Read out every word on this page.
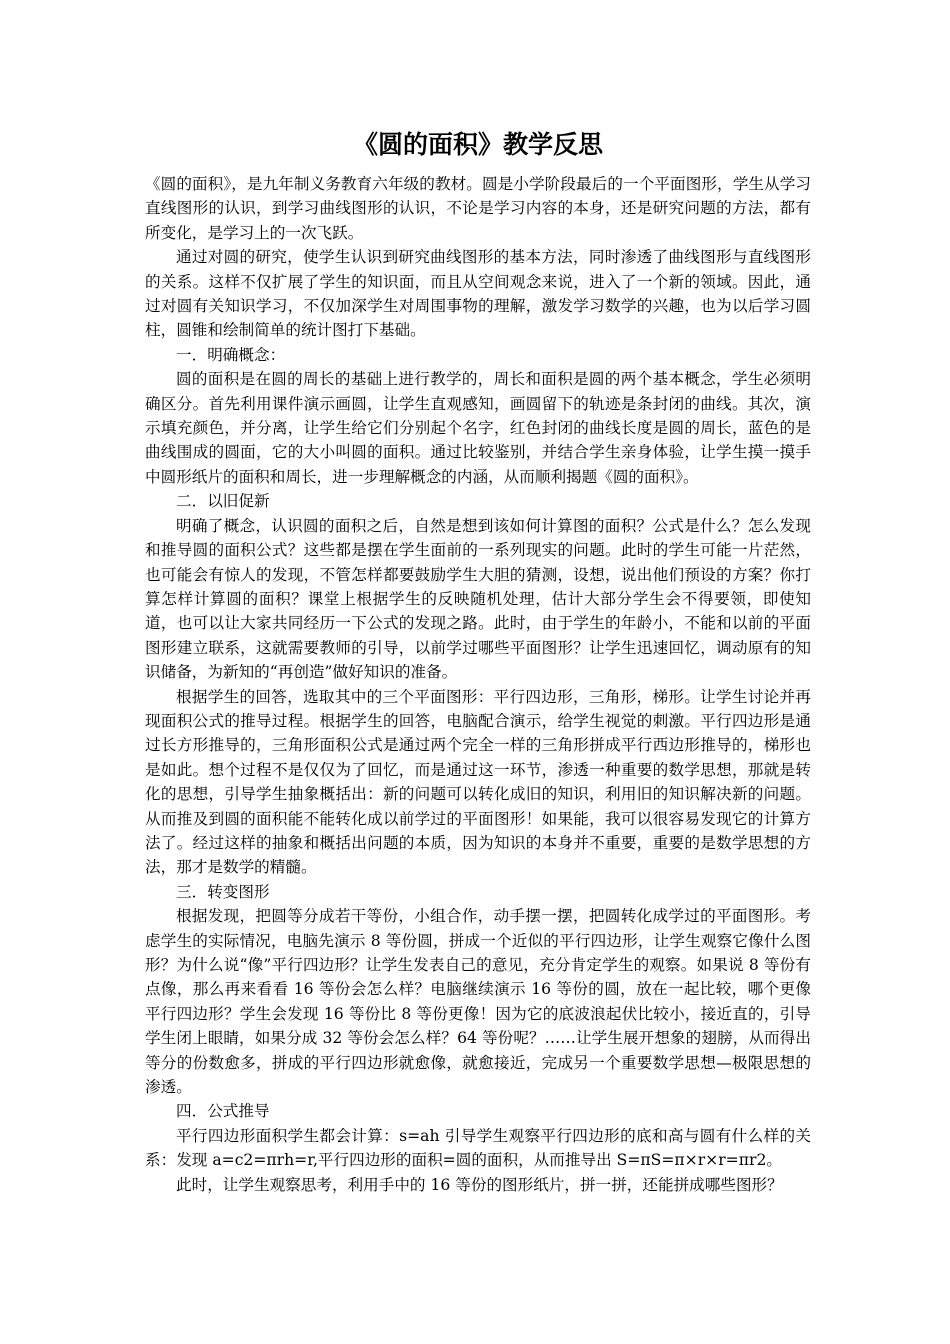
《圆的面积》教学反思

《圆的面积》，是九年制义务教育六年级的教材。圆是小学阶段最后的一个平面图形，学生从学习直线图形的认识，到学习曲线图形的认识，不论是学习内容的本身，还是研究问题的方法，都有所变化，是学习上的一次飞跃。

通过对圆的研究，使学生认识到研究曲线图形的基本方法，同时渗透了曲线图形与直线图形的关系。这样不仅扩展了学生的知识面，而且从空间观念来说，进入了一个新的领域。因此，通过对圆有关知识学习，不仅加深学生对周围事物的理解，激发学习数学的兴趣，也为以后学习圆柱，圆锥和绘制简单的统计图打下基础。

一．明确概念：

圆的面积是在圆的周长的基础上进行教学的，周长和面积是圆的两个基本概念，学生必须明确区分。首先利用课件演示画圆，让学生直观感知，画圆留下的轨迹是条封闭的曲线。其次，演示填充颜色，并分离，让学生给它们分别起个名字，红色封闭的曲线长度是圆的周长，蓝色的是曲线围成的圆面，它的大小叫圆的面积。通过比较鉴别，并结合学生亲身体验，让学生摸一摸手中圆形纸片的面积和周长，进一步理解概念的内涵，从而顺利揭题《圆的面积》。

二．以旧促新

明确了概念，认识圆的面积之后，自然是想到该如何计算图的面积？公式是什么？怎么发现和推导圆的面积公式？这些都是摆在学生面前的一系列现实的问题。此时的学生可能一片茫然，也可能会有惊人的发现，不管怎样都要鼓励学生大胆的猜测，设想，说出他们预设的方案？你打算怎样计算圆的面积？课堂上根据学生的反映随机处理，估计大部分学生会不得要领，即使知道，也可以让大家共同经历一下公式的发现之路。此时，由于学生的年龄小，不能和以前的平面图形建立联系，这就需要教师的引导，以前学过哪些平面图形？让学生迅速回忆，调动原有的知识储备，为新知的“再创造”做好知识的准备。

根据学生的回答，选取其中的三个平面图形：平行四边形，三角形，梯形。让学生讨论并再现面积公式的推导过程。根据学生的回答，电脑配合演示，给学生视觉的刺激。平行四边形是通过长方形推导的，三角形面积公式是通过两个完全一样的三角形拼成平行西边形推导的，梯形也是如此。想个过程不是仅仅为了回忆，而是通过这一环节，渗透一种重要的数学思想，那就是转化的思想，引导学生抽象概括出：新的问题可以转化成旧的知识，利用旧的知识解决新的问题。从而推及到圆的面积能不能转化成以前学过的平面图形！如果能，我可以很容易发现它的计算方法了。经过这样的抽象和概括出问题的本质，因为知识的本身并不重要，重要的是数学思想的方法，那才是数学的精髓。

三．转变图形

根据发现，把圆等分成若干等份，小组合作，动手摆一摆，把圆转化成学过的平面图形。考虑学生的实际情况，电脑先演示 8 等份圆，拼成一个近似的平行四边形，让学生观察它像什么图形？为什么说“像”平行四边形？让学生发表自己的意见，充分肯定学生的观察。如果说 8 等份有点像，那么再来看看 16 等份会怎么样？电脑继续演示 16 等份的圆，放在一起比较，哪个更像平行四边形？学生会发现 16 等份比 8 等份更像！因为它的底波浪起伏比较小，接近直的，引导学生闭上眼睛，如果分成 32 等份会怎么样？64 等份呢？……让学生展开想象的翅膀，从而得出等分的份数愈多，拼成的平行四边形就愈像，就愈接近，完成另一个重要数学思想—极限思想的渗透。

四．公式推导

平行四边形面积学生都会计算：s=ah 引导学生观察平行四边形的底和高与圆有什么样的关系：发现 a=c2=πrh=r,平行四边形的面积=圆的面积，从而推导出 S=πS=π×r×r=πr2。

此时，让学生观察思考，利用手中的 16 等份的图形纸片，拼一拼，还能拼成哪些图形？
